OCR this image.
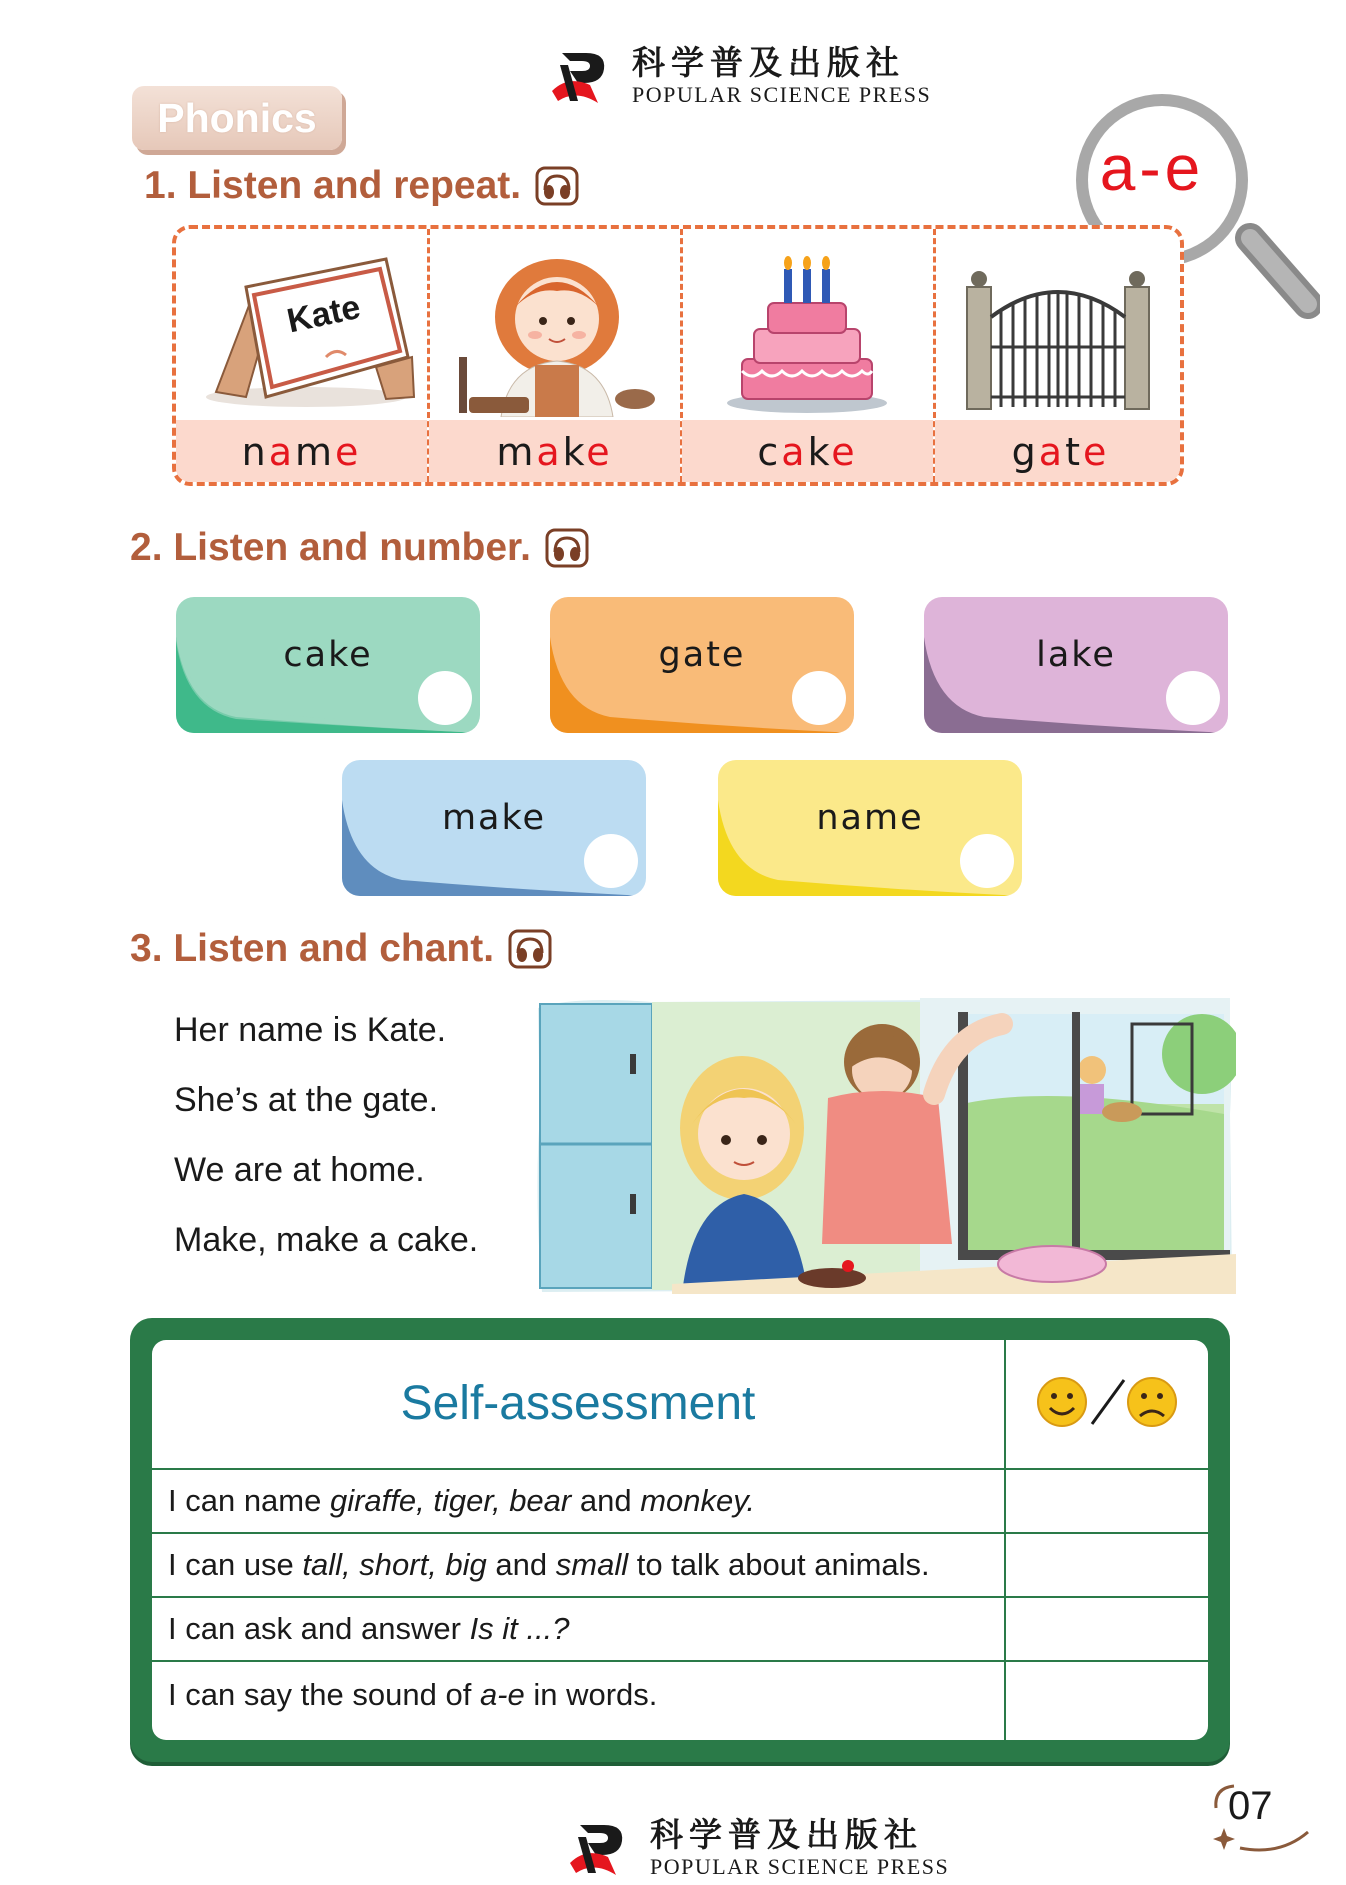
科学普及出版社
POPULAR SCIENCE PRESS
Phonics
a-e
1. Listen and repeat.
Kate
name	make	cake	gate
2. Listen and number.
cake	gate	lake
make	name
3. Listen and chant.
Her name is Kate.
She’s at the gate.
We are at home.
Make, make a cake.
Self-assessment
I can name giraffe, tiger, bear and monkey.
I can use tall, short, big and small to talk about animals.
I can ask and answer Is it ...?
I can say the sound of a-e in words.
07
科学普及出版社
POPULAR SCIENCE PRESS
